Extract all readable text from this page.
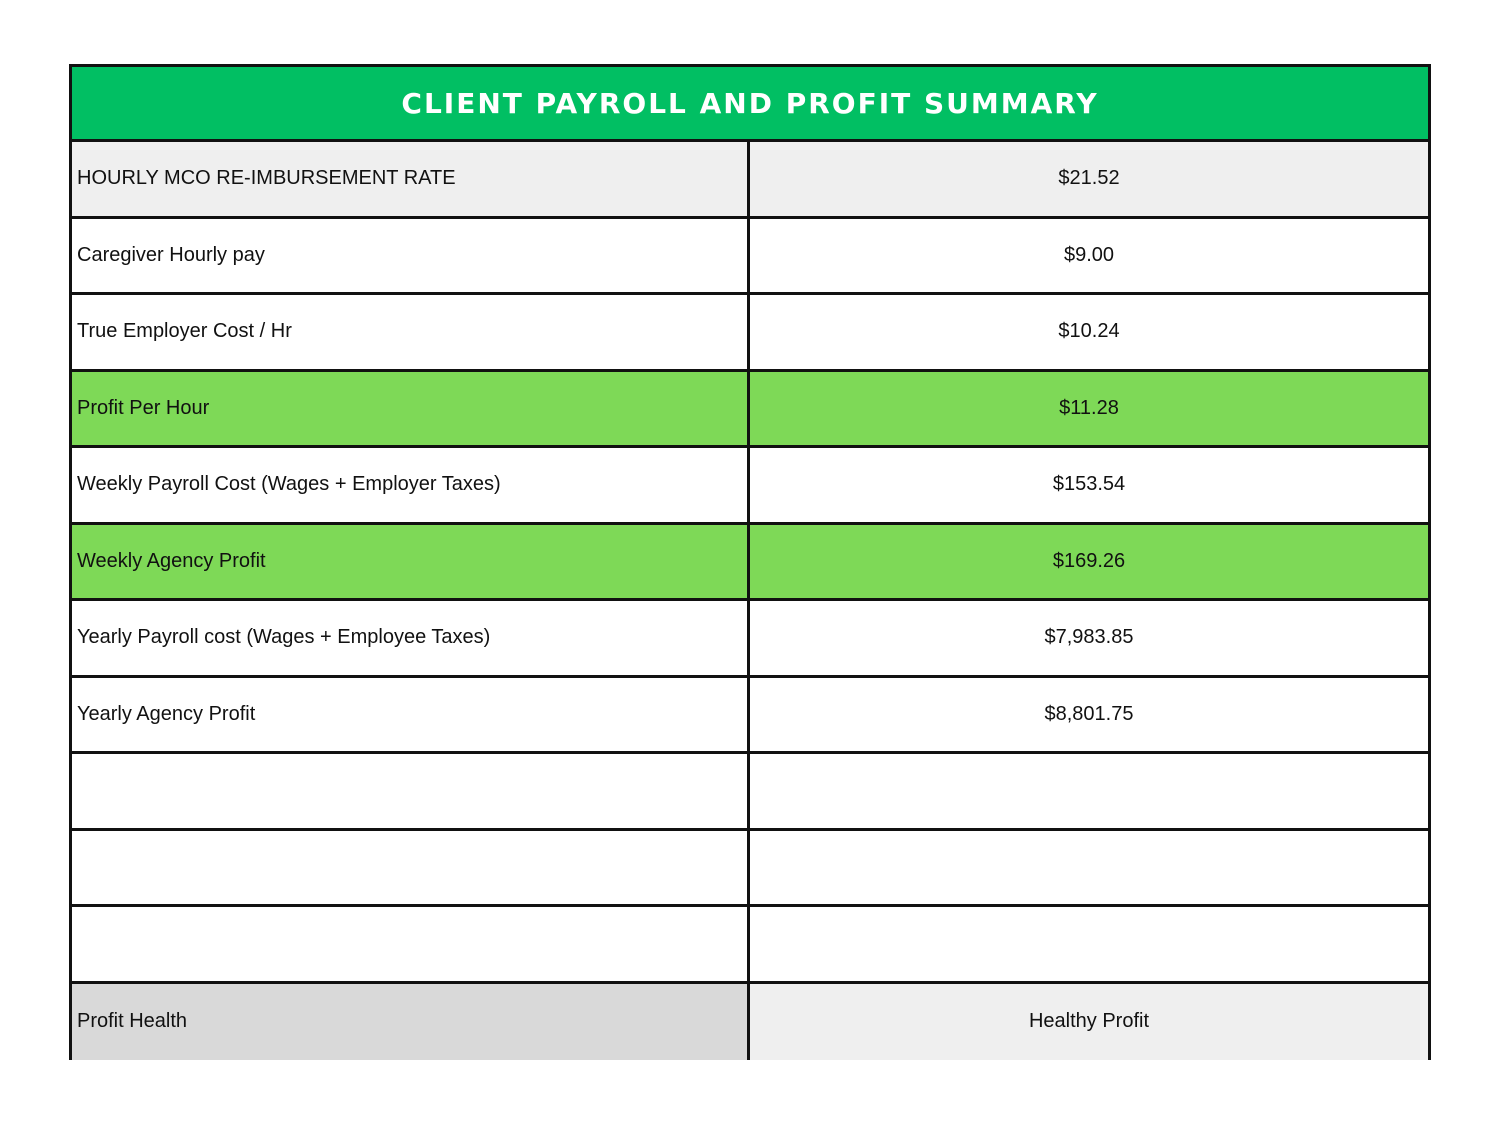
CLIENT PAYROLL AND PROFIT SUMMARY
HOURLY MCO RE-IMBURSEMENT RATE	$21.52
Caregiver Hourly pay	$9.00
True Employer Cost / Hr	$10.24
Profit Per Hour	$11.28
Weekly Payroll Cost (Wages + Employer Taxes)	$153.54
Weekly Agency Profit	$169.26
Yearly Payroll cost (Wages + Employee Taxes)	$7,983.85
Yearly Agency Profit	$8,801.75
Profit Health	Healthy Profit
